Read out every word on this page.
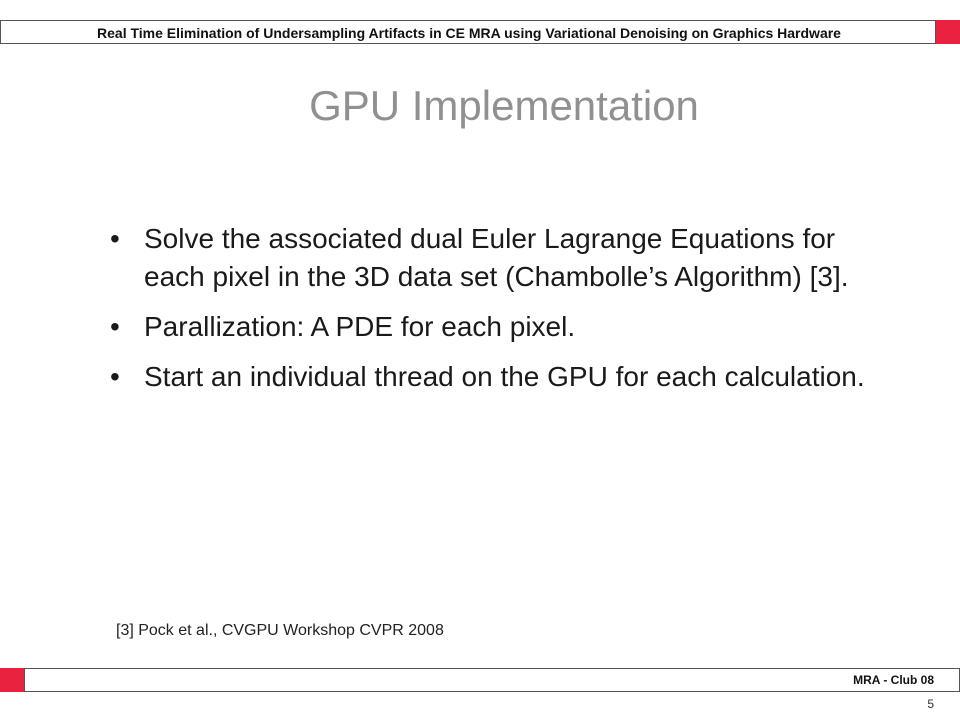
Real Time Elimination of Undersampling Artifacts in CE MRA using Variational Denoising on Graphics Hardware
GPU Implementation
• Solve the associated dual Euler Lagrange Equations for each pixel in the 3D data set (Chambolle’s Algorithm) [3].
• Parallization: A PDE for each pixel.
• Start an individual thread on the GPU for each calculation.
[3] Pock et al., CVGPU Workshop CVPR 2008
MRA - Club 08
5
